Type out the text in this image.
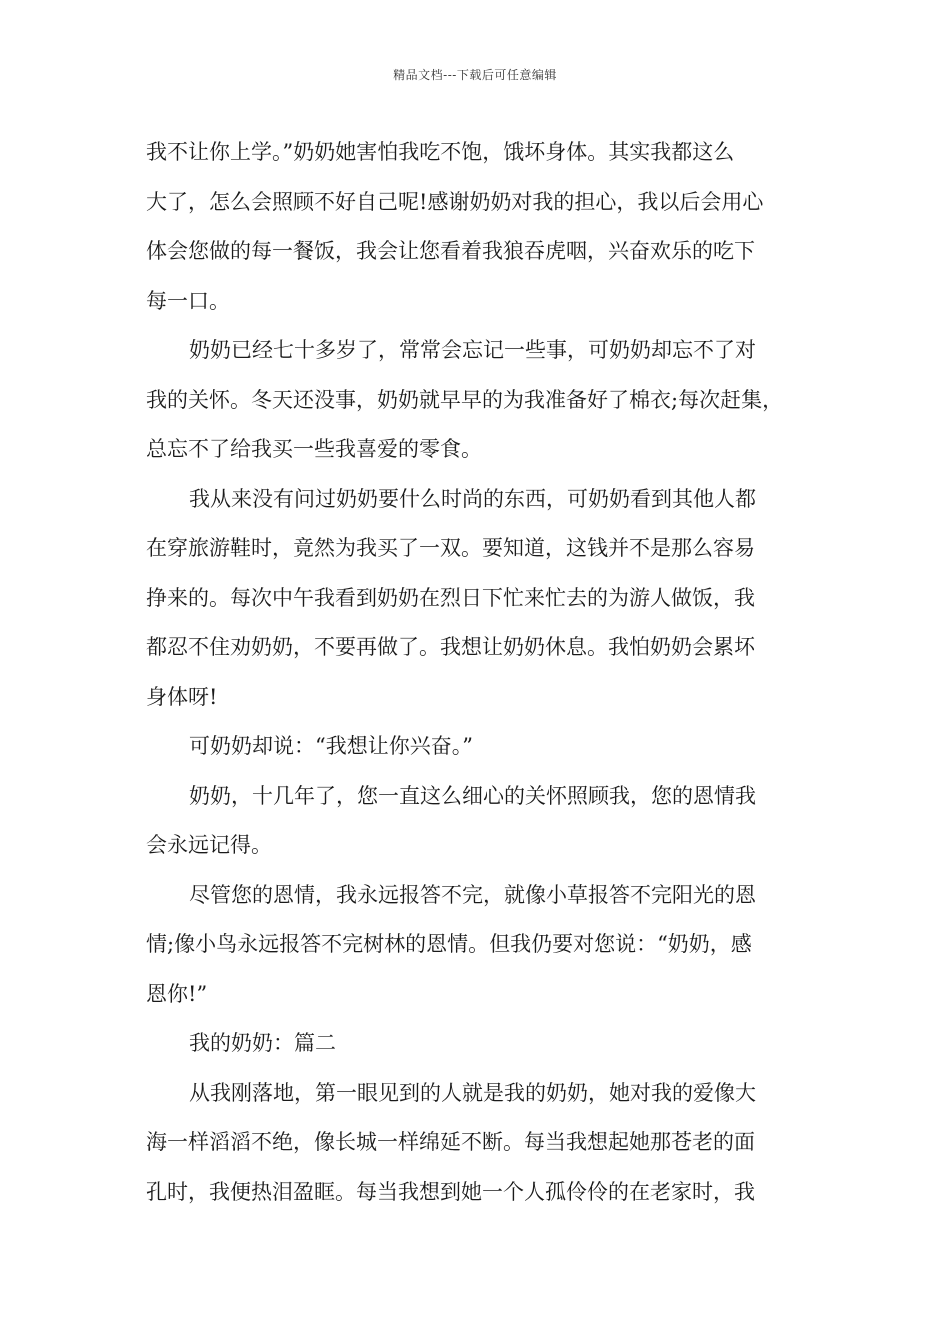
精品文档---下载后可任意编辑
我不让你上学。”奶奶她害怕我吃不饱，饿坏身体。其实我都这么
大了，怎么会照顾不好自己呢!感谢奶奶对我的担心，我以后会用心
体会您做的每一餐饭，我会让您看着我狼吞虎咽，兴奋欢乐的吃下
每一口。
奶奶已经七十多岁了，常常会忘记一些事，可奶奶却忘不了对
我的关怀。冬天还没事，奶奶就早早的为我准备好了棉衣;每次赶集，
总忘不了给我买一些我喜爱的零食。
我从来没有问过奶奶要什么时尚的东西，可奶奶看到其他人都
在穿旅游鞋时，竟然为我买了一双。要知道，这钱并不是那么容易
挣来的。每次中午我看到奶奶在烈日下忙来忙去的为游人做饭，我
都忍不住劝奶奶，不要再做了。我想让奶奶休息。我怕奶奶会累坏
身体呀!
可奶奶却说：“我想让你兴奋。”
奶奶，十几年了，您一直这么细心的关怀照顾我，您的恩情我
会永远记得。
尽管您的恩情，我永远报答不完，就像小草报答不完阳光的恩
情;像小鸟永远报答不完树林的恩情。但我仍要对您说：“奶奶，感
恩你!”
我的奶奶：篇二
从我刚落地，第一眼见到的人就是我的奶奶，她对我的爱像大
海一样滔滔不绝，像长城一样绵延不断。每当我想起她那苍老的面
孔时，我便热泪盈眶。每当我想到她一个人孤伶伶的在老家时，我
